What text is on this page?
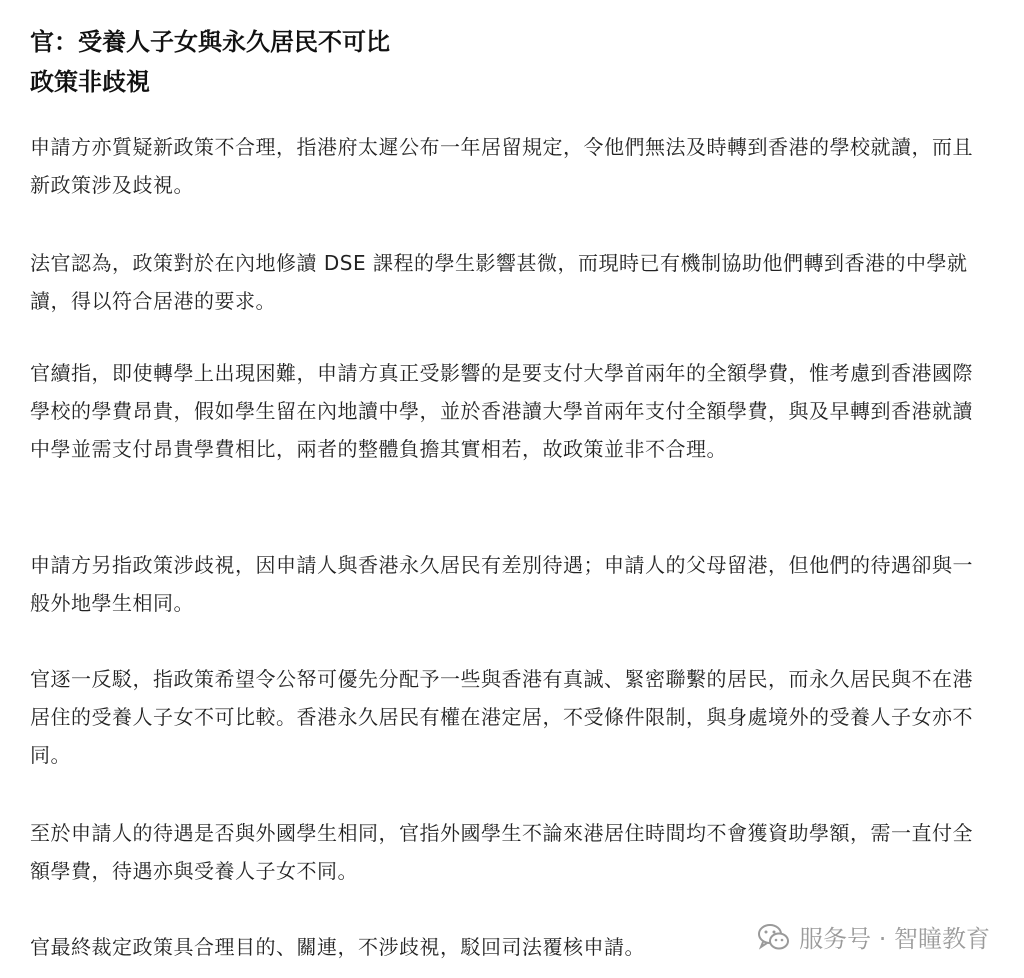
官：受養人子女與永久居民不可比
政策非歧視

申請方亦質疑新政策不合理，指港府太遲公布一年居留規定，令他們無法及時轉到香港的學校就讀，而且新政策涉及歧視。

法官認為，政策對於在內地修讀 DSE 課程的學生影響甚微，而現時已有機制協助他們轉到香港的中學就讀，得以符合居港的要求。

官續指，即使轉學上出現困難，申請方真正受影響的是要支付大學首兩年的全額學費，惟考慮到香港國際學校的學費昂貴，假如學生留在內地讀中學，並於香港讀大學首兩年支付全額學費，與及早轉到香港就讀中學並需支付昂貴學費相比，兩者的整體負擔其實相若，故政策並非不合理。

申請方另指政策涉歧視，因申請人與香港永久居民有差別待遇；申請人的父母留港，但他們的待遇卻與一般外地學生相同。

官逐一反駁，指政策希望令公帑可優先分配予一些與香港有真誠、緊密聯繫的居民，而永久居民與不在港居住的受養人子女不可比較。香港永久居民有權在港定居，不受條件限制，與身處境外的受養人子女亦不同。

至於申請人的待遇是否與外國學生相同，官指外國學生不論來港居住時間均不會獲資助學額，需一直付全額學費，待遇亦與受養人子女不同。

官最終裁定政策具合理目的、關連，不涉歧視，駁回司法覆核申請。	服务号 · 智瞳教育
